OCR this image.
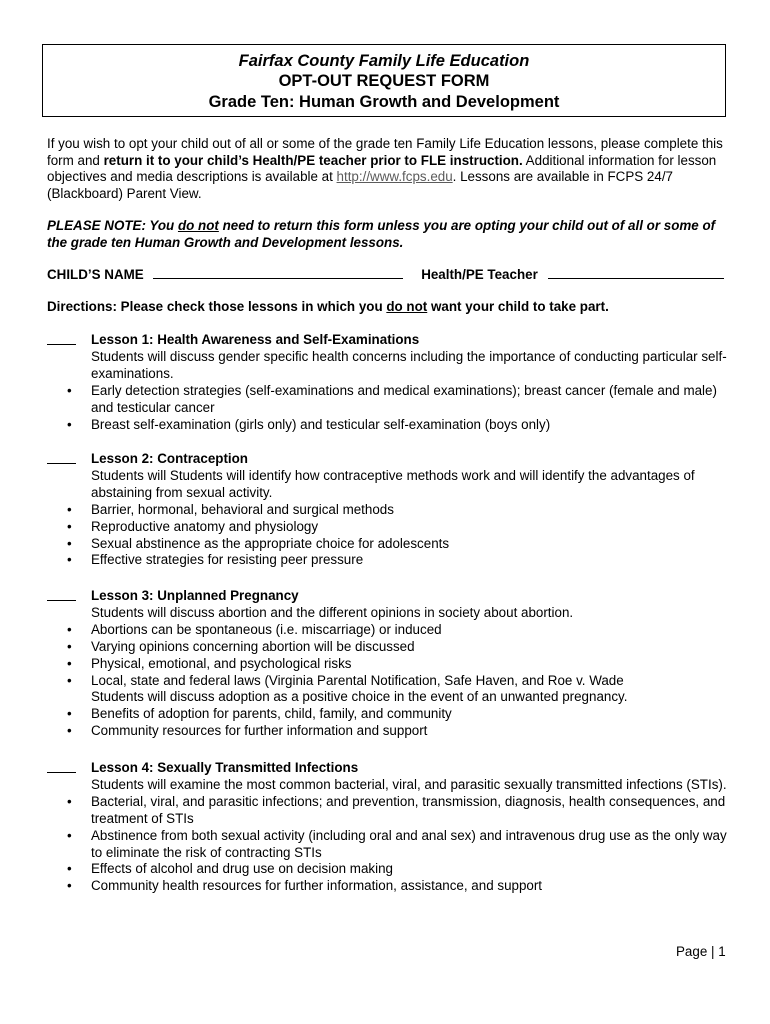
Fairfax County Family Life Education
OPT-OUT REQUEST FORM
Grade Ten: Human Growth and Development
If you wish to opt your child out of all or some of the grade ten Family Life Education lessons, please complete this form and return it to your child’s Health/PE teacher prior to FLE instruction. Additional information for lesson objectives and media descriptions is available at http://www.fcps.edu. Lessons are available in FCPS 24/7 (Blackboard) Parent View.
PLEASE NOTE: You do not need to return this form unless you are opting your child out of all or some of the grade ten Human Growth and Development lessons.
CHILD’S NAME	Health/PE Teacher
Directions: Please check those lessons in which you do not want your child to take part.
Lesson 1: Health Awareness and Self-Examinations
Students will discuss gender specific health concerns including the importance of conducting particular self-examinations.
• Early detection strategies (self-examinations and medical examinations); breast cancer (female and male) and testicular cancer
• Breast self-examination (girls only) and testicular self-examination (boys only)
Lesson 2: Contraception
Students will Students will identify how contraceptive methods work and will identify the advantages of abstaining from sexual activity.
• Barrier, hormonal, behavioral and surgical methods
• Reproductive anatomy and physiology
• Sexual abstinence as the appropriate choice for adolescents
• Effective strategies for resisting peer pressure
Lesson 3: Unplanned Pregnancy
Students will discuss abortion and the different opinions in society about abortion.
• Abortions can be spontaneous (i.e. miscarriage) or induced
• Varying opinions concerning abortion will be discussed
• Physical, emotional, and psychological risks
• Local, state and federal laws (Virginia Parental Notification, Safe Haven, and Roe v. Wade
Students will discuss adoption as a positive choice in the event of an unwanted pregnancy.
• Benefits of adoption for parents, child, family, and community
• Community resources for further information and support
Lesson 4: Sexually Transmitted Infections
Students will examine the most common bacterial, viral, and parasitic sexually transmitted infections (STIs).
• Bacterial, viral, and parasitic infections; and prevention, transmission, diagnosis, health consequences, and treatment of STIs
• Abstinence from both sexual activity (including oral and anal sex) and intravenous drug use as the only way to eliminate the risk of contracting STIs
• Effects of alcohol and drug use on decision making
• Community health resources for further information, assistance, and support
Page | 1
